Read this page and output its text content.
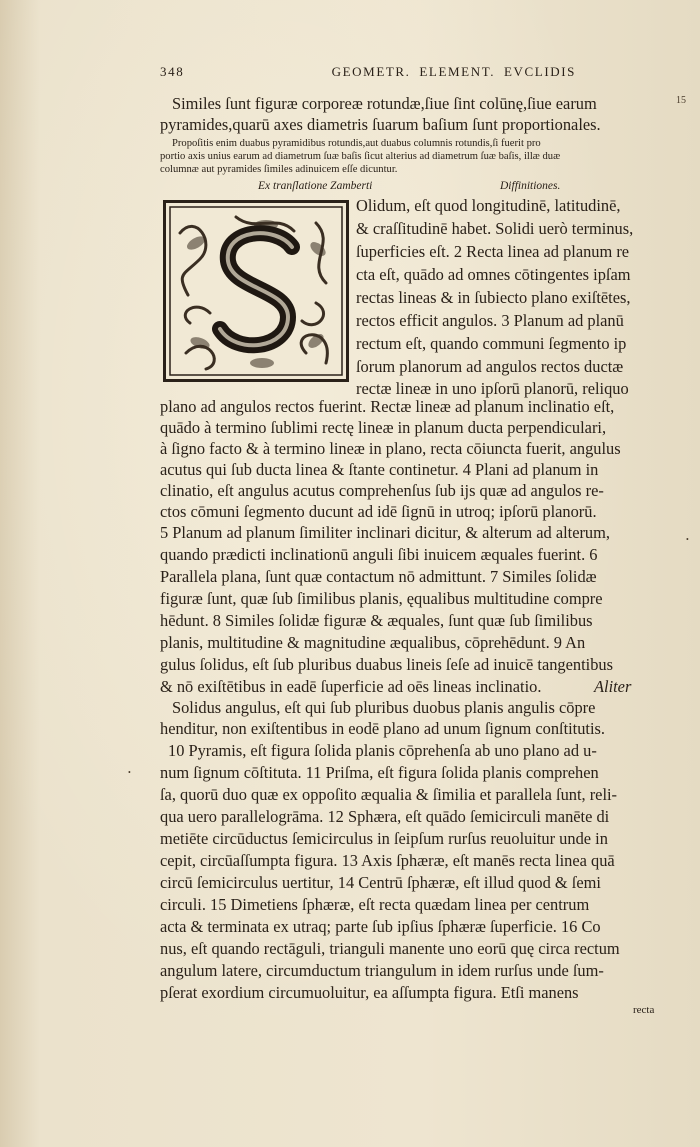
348	GEOMETR. ELEMENT. EVCLIDIS
15
•
•
Similes ſunt figuræ corporeæ rotundæ,ſiue ſint colūnę,ſiue earum
pyramides,quarū axes diametris ſuarum baſium ſunt proportionales.
Propoſitis enim duabus pyramidibus rotundis,aut duabus columnis rotundis,ſi fuerit pro
portio axis unius earum ad diametrum ſuæ baſis ſicut alterius ad diametrum ſuæ baſis, illæ duæ
columnæ aut pyramides ſimiles adinuicem eſſe dicuntur.
Ex tranſlatione Zamberti	Diffinitiones.
Olidum, eſt quod longitudinē, latitudinē,
& craſſitudinē habet. Solidi uerò terminus,
ſuperficies eſt. 2 Recta linea ad planum re
cta eſt, quādo ad omnes cōtingentes ipſam
rectas lineas & in ſubiecto plano exiſtētes,
rectos efficit angulos. 3 Planum ad planū
rectum eſt, quando communi ſegmento ip
ſorum planorum ad angulos rectos ductæ
rectæ lineæ in uno ipſorū planorū, reliquo
plano ad angulos rectos fuerint. Rectæ lineæ ad planum inclinatio eſt,
quādo à termino ſublimi rectę lineæ in planum ducta perpendiculari,
à ſigno facto & à termino lineæ in plano, recta cōiuncta fuerit, angulus
acutus qui ſub ducta linea & ſtante continetur. 4 Plani ad planum in
clinatio, eſt angulus acutus comprehenſus ſub ijs quæ ad angulos re-
ctos cōmuni ſegmento ducunt ad idē ſignū in utroq; ipſorū planorū.
5 Planum ad planum ſimiliter inclinari dicitur, & alterum ad alterum,
quando prædicti inclinationū anguli ſibi inuicem æquales fuerint. 6
Parallela plana, ſunt quæ contactum nō admittunt. 7 Similes ſolidæ
figuræ ſunt, quæ ſub ſimilibus planis, ęqualibus multitudine compre
hēdunt. 8 Similes ſolidæ figuræ & æquales, ſunt quæ ſub ſimilibus
planis, multitudine & magnitudine æqualibus, cōprehēdunt. 9 An
gulus ſolidus, eſt ſub pluribus duabus lineis ſeſe ad inuicē tangentibus
& nō exiſtētibus in eadē ſuperficie ad oēs lineas inclinatio.	Aliter
Solidus angulus, eſt qui ſub pluribus duobus planis angulis cōpre
henditur, non exiſtentibus in eodē plano ad unum ſignum conſtitutis.
10 Pyramis, eſt figura ſolida planis cōprehenſa ab uno plano ad u-
num ſignum cōſtituta. 11 Priſma, eſt figura ſolida planis comprehen
ſa, quorū duo quæ ex oppoſito æqualia & ſimilia et parallela ſunt, reli-
qua uero parallelogrāma. 12 Sphæra, eſt quādo ſemicirculi manēte di
metiēte circūductus ſemicirculus in ſeipſum rurſus reuoluitur unde in
cepit, circūaſſumpta figura. 13 Axis ſphæræ, eſt manēs recta linea quā
circū ſemicirculus uertitur, 14 Centrū ſphæræ, eſt illud quod & ſemi
circuli. 15 Dimetiens ſphæræ, eſt recta quædam linea per centrum
acta & terminata ex utraq; parte ſub ipſius ſphæræ ſuperficie. 16 Co
nus, eſt quando rectāguli, trianguli manente uno eorū quę circa rectum
angulum latere, circumductum triangulum in idem rurſus unde ſum-
pſerat exordium circumuoluitur, ea aſſumpta figura. Etſi manens
recta
